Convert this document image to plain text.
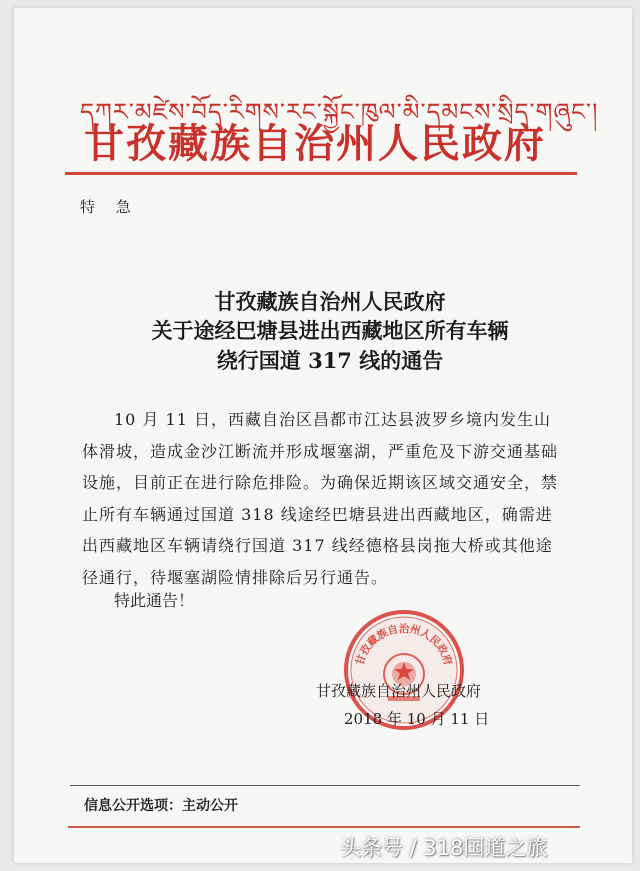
དཀར་མཛེས་བོད་རིགས་རང་སྐྱོང་ཁུལ་མི་དམངས་སྲིད་གཞུང་།
甘孜藏族自治州人民政府
特 急
甘孜藏族自治州人民政府
关于途经巴塘县进出西藏地区所有车辆
绕行国道 317 线的通告
10 月 11 日，西藏自治区昌都市江达县波罗乡境内发生山体滑坡，造成金沙江断流并形成堰塞湖，严重危及下游交通基础设施，目前正在进行除危排险。为确保近期该区域交通安全，禁止所有车辆通过国道 318 线途经巴塘县进出西藏地区，确需进出西藏地区车辆请绕行国道 317 线经德格县岗拖大桥或其他途径通行，待堰塞湖险情排除后另行通告。
特此通告！
甘孜藏族自治州人民政府
甘孜藏族自治州人民政府
2018 年 10 月 11 日
信息公开选项：主动公开
头条号 / 318国道之旅
